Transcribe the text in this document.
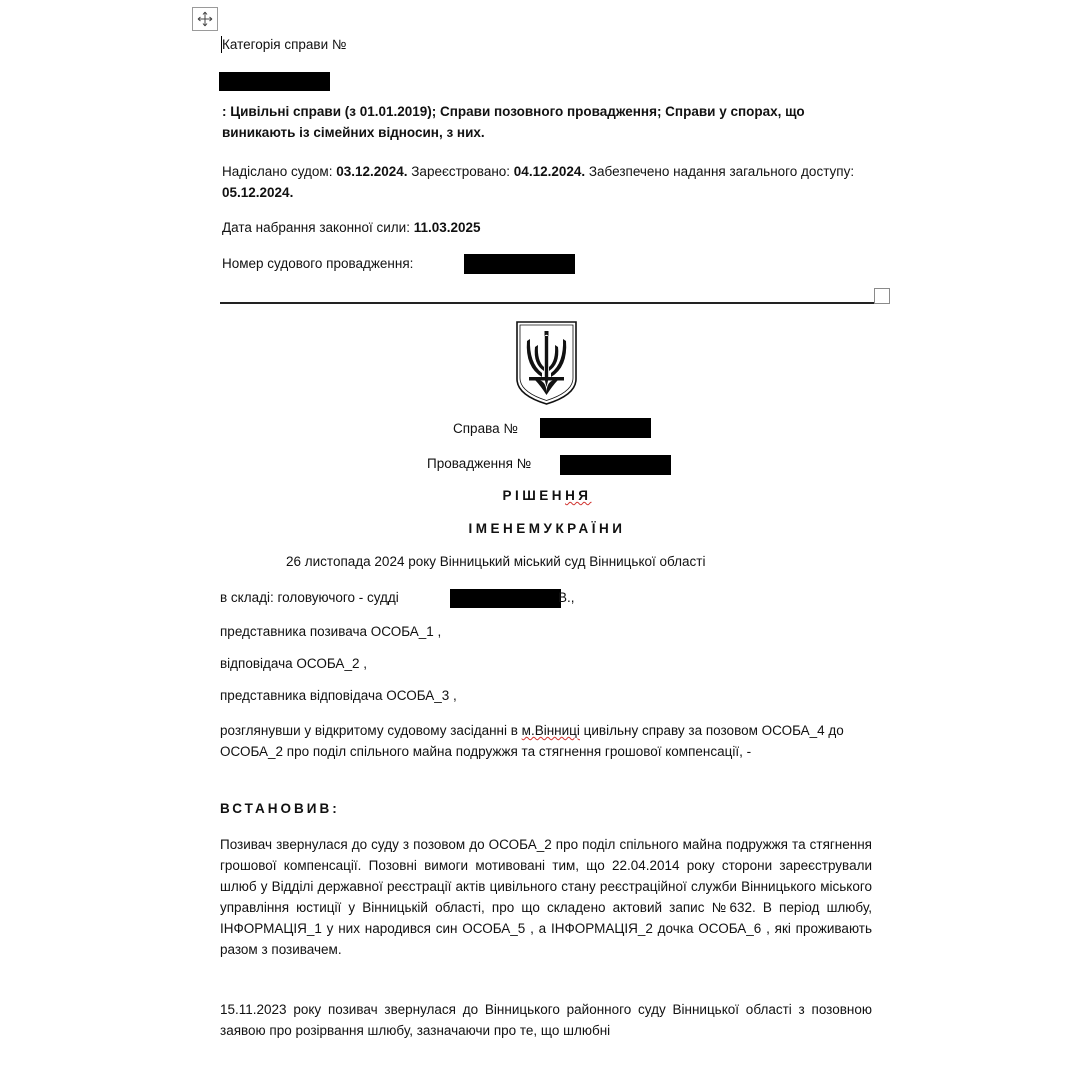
Категорія справи №
: Цивільні справи (з 01.01.2019); Справи позовного провадження; Справи у спорах, що виникають із сімейних відносин, з них.
Надіслано судом: 03.12.2024. Зареєстровано: 04.12.2024. Забезпечено надання загального доступу: 05.12.2024.
Дата набрання законної сили: 11.03.2025
Номер судового провадження:
Справа №
Провадження №
РІШЕННЯ
ІМЕНЕМУКРАЇНИ
26 листопада 2024 року Вінницький міський суд Вінницької області
в складі: головуючого - судді	В.,
представника позивача ОСОБА_1 ,
відповідача ОСОБА_2 ,
представника відповідача ОСОБА_3 ,
розглянувши у відкритому судовому засіданні в м.Вінниці цивільну справу за позовом ОСОБА_4 до ОСОБА_2 про поділ спільного майна подружжя та стягнення грошової компенсації, -
ВСТАНОВИВ:
Позивач звернулася до суду з позовом до ОСОБА_2 про поділ спільного майна подружжя та стягнення грошової компенсації. Позовні вимоги мотивовані тим, що 22.04.2014 року сторони зареєстрували шлюб у Відділі державної реєстрації актів цивільного стану реєстраційної служби Вінницького міського управління юстиції у Вінницькій області, про що складено актовий запис №632. В період шлюбу, ІНФОРМАЦІЯ_1 у них народився син ОСОБА_5 , а ІНФОРМАЦІЯ_2 дочка ОСОБА_6 , які проживають разом з позивачем.
15.11.2023 року позивач звернулася до Вінницького районного суду Вінницької області з позовною заявою про розірвання шлюбу, зазначаючи про те, що шлюбні
